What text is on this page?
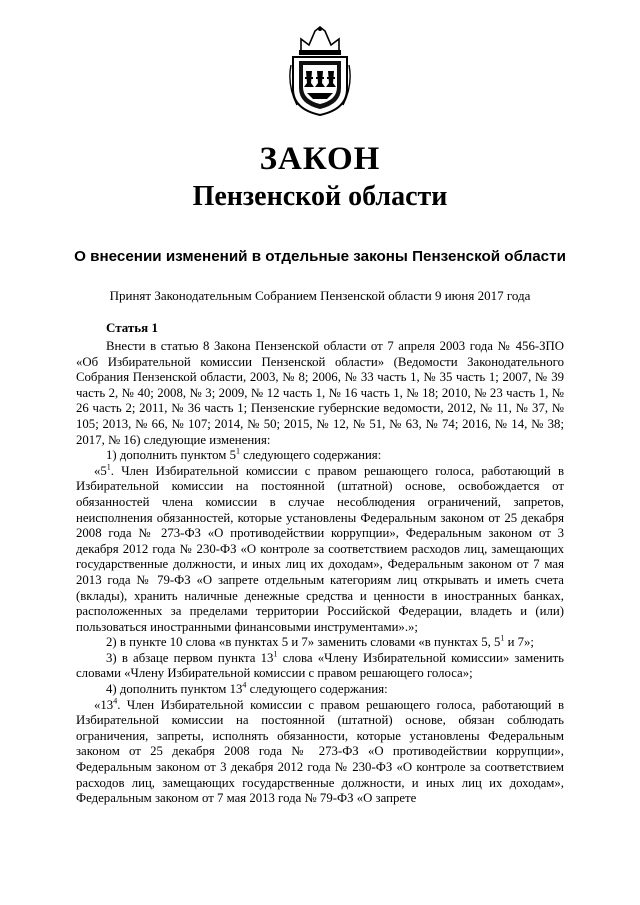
ЗАКОН
Пензенской области
О внесении изменений в отдельные законы Пензенской области
Принят Законодательным Собранием Пензенской области 9 июня 2017 года
Статья 1

Внести в статью 8 Закона Пензенской области от 7 апреля 2003 года № 456-ЗПО «Об Избирательной комиссии Пензенской области» (Ведомости Законодательного Собрания Пензенской области, 2003, № 8; 2006, № 33 часть 1, № 35 часть 1; 2007, № 39 часть 2, № 40; 2008, № 3; 2009, № 12 часть 1, № 16 часть 1, № 18; 2010, № 23 часть 1, № 26 часть 2; 2011, № 36 часть 1; Пензенские губернские ведомости, 2012, № 11, № 37, № 105; 2013, № 66, № 107; 2014, № 50; 2015, № 12, № 51, № 63, № 74; 2016, № 14, № 38; 2017, № 16) следующие изменения:

1) дополнить пунктом $5^1$ следующего содержания:

«$5^1$. Член Избирательной комиссии с правом решающего голоса, работающий в Избирательной комиссии на постоянной (штатной) основе, освобождается от обязанностей члена комиссии в случае несоблюдения ограничений, запретов, неисполнения обязанностей, которые установлены Федеральным законом от 25 декабря 2008 года № 273-ФЗ «О противодействии коррупции», Федеральным законом от 3 декабря 2012 года № 230-ФЗ «О контроле за соответствием расходов лиц, замещающих государственные должности, и иных лиц их доходам», Федеральным законом от 7 мая 2013 года № 79-ФЗ «О запрете отдельным категориям лиц открывать и иметь счета (вклады), хранить наличные денежные средства и ценности в иностранных банках, расположенных за пределами территории Российской Федерации, владеть и (или) пользоваться иностранными финансовыми инструментами».»;

2) в пункте 10 слова «в пунктах 5 и 7» заменить словами «в пунктах 5, $5^1$ и 7»;

3) в абзаце первом пункта $13^1$ слова «Члену Избирательной комиссии» заменить словами «Члену Избирательной комиссии с правом решающего голоса»;

4) дополнить пунктом $13^4$ следующего содержания:

«$13^4$. Член Избирательной комиссии с правом решающего голоса, работающий в Избирательной комиссии на постоянной (штатной) основе, обязан соблюдать ограничения, запреты, исполнять обязанности, которые установлены Федеральным законом от 25 декабря 2008 года № 273-ФЗ «О противодействии коррупции», Федеральным законом от 3 декабря 2012 года № 230-ФЗ «О контроле за соответствием расходов лиц, замещающих государственные должности, и иных лиц их доходам», Федеральным законом от 7 мая 2013 года № 79-ФЗ «О запрете
